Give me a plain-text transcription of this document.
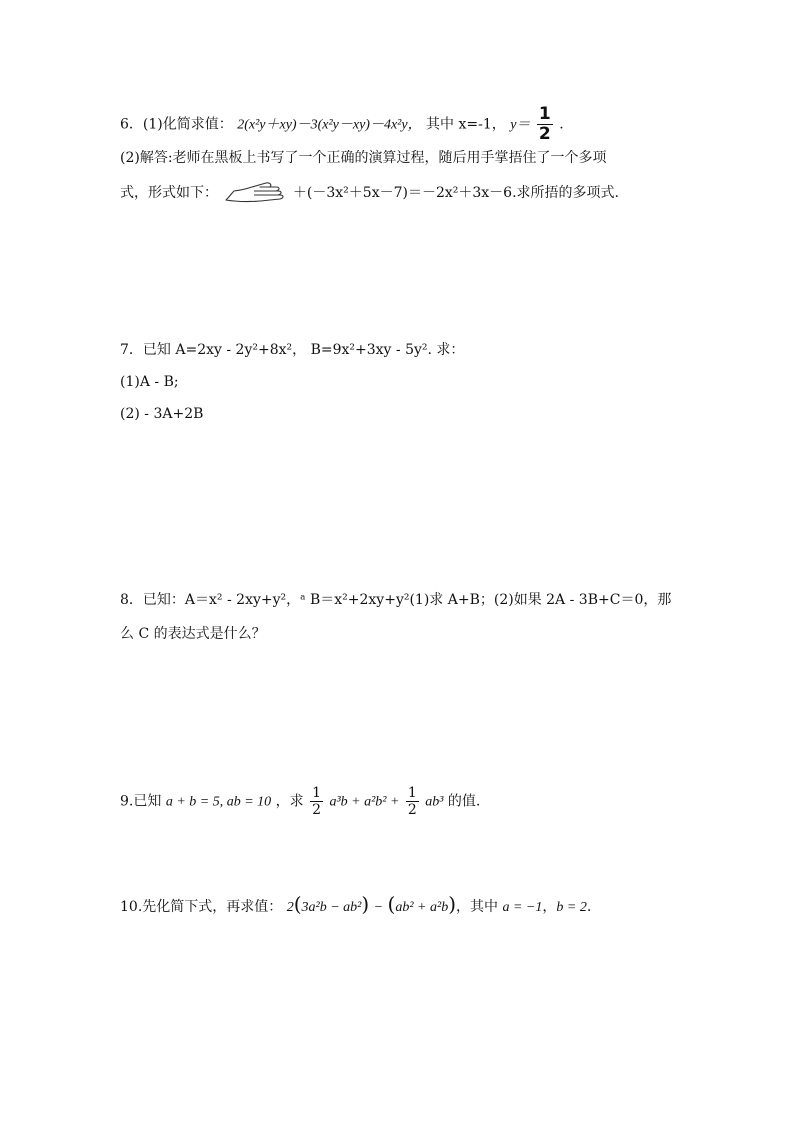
6．(1)化简求值： 2(x²y＋xy)－3(x²y－xy)－4x²y， 其中 x=-1， $y= \frac{1}{2}$ .
(2)解答:老师在黑板上书写了一个正确的演算过程，随后用手掌捂住了一个多项
式，形式如下：	＋(－3x²＋5x－7)＝－2x²＋3x－6.求所捂的多项式.
7．已知 A=2xy - 2y²+8x²， B=9x²+3xy - 5y². 求：
(1)A - B;
(2) - 3A+2B
8．已知：A＝x² - 2xy+y²，ᵃ B＝x²+2xy+y²(1)求 A+B；(2)如果 2A - 3B+C＝0，那
么 C 的表达式是什么？
9.已知 a + b = 5, ab = 10 ，求 $\frac{1}{2} a^3b + a^2b^2 + \frac{1}{2} ab^3$ 的值.
10.先化简下式，再求值： 2(3a²b − ab²) − (ab² + a²b)，其中 a = −1，b = 2.
